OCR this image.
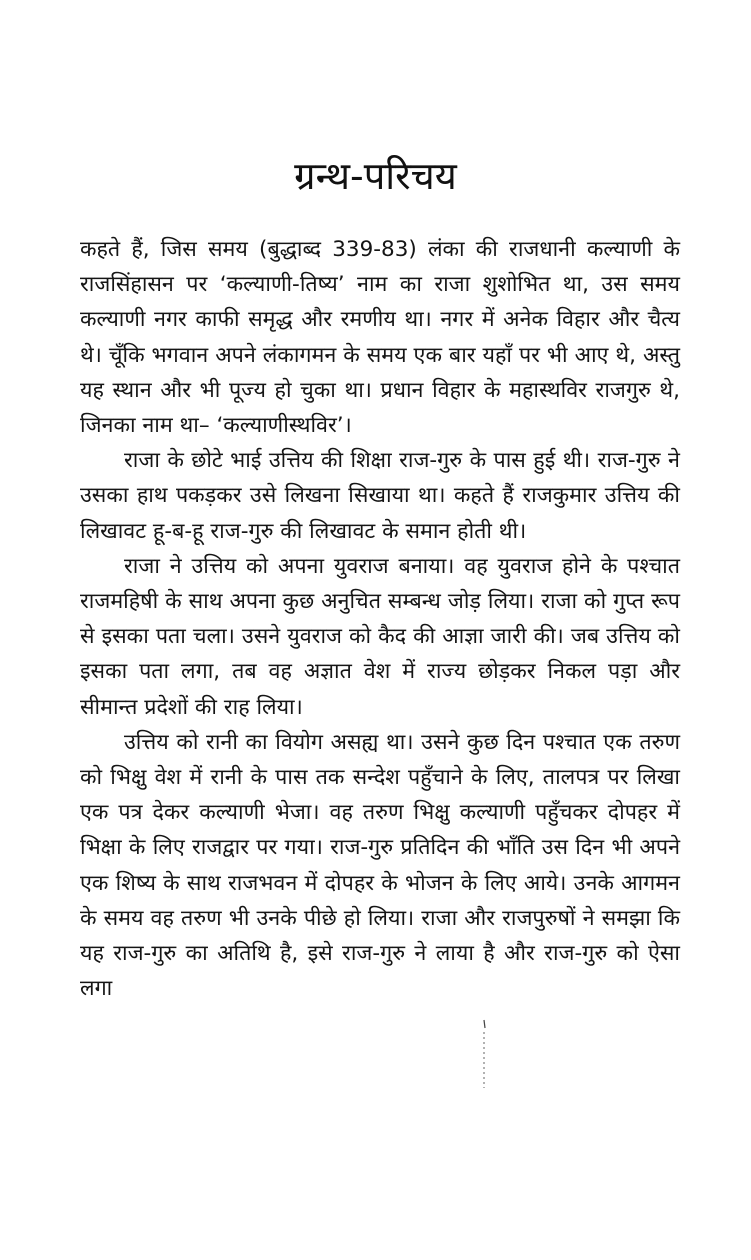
ग्रन्थ-परिचय

कहते हैं, जिस समय (बुद्धाब्द 339-83) लंका की राजधानी कल्याणी के राजसिंहासन पर ‘कल्याणी-तिष्य’ नाम का राजा शुशोभित था, उस समय कल्याणी नगर काफी समृद्ध और रमणीय था। नगर में अनेक विहार और चैत्य थे। चूँकि भगवान अपने लंकागमन के समय एक बार यहाँ पर भी आए थे, अस्तु यह स्थान और भी पूज्य हो चुका था। प्रधान विहार के महास्थविर राजगुरु थे, जिनका नाम था– ‘कल्याणीस्थविर’।

राजा के छोटे भाई उत्तिय की शिक्षा राज-गुरु के पास हुई थी। राज-गुरु ने उसका हाथ पकड़कर उसे लिखना सिखाया था। कहते हैं राजकुमार उत्तिय की लिखावट हू-ब-हू राज-गुरु की लिखावट के समान होती थी।

राजा ने उत्तिय को अपना युवराज बनाया। वह युवराज होने के पश्चात राजमहिषी के साथ अपना कुछ अनुचित सम्बन्ध जोड़ लिया। राजा को गुप्त रूप से इसका पता चला। उसने युवराज को कैद की आज्ञा जारी की। जब उत्तिय को इसका पता लगा, तब वह अज्ञात वेश में राज्य छोड़कर निकल पड़ा और सीमान्त प्रदेशों की राह लिया।

उत्तिय को रानी का वियोग असह्य था। उसने कुछ दिन पश्चात एक तरुण को भिक्षु वेश में रानी के पास तक सन्देश पहुँचाने के लिए, तालपत्र पर लिखा एक पत्र देकर कल्याणी भेजा। वह तरुण भिक्षु कल्याणी पहुँचकर दोपहर में भिक्षा के लिए राजद्वार पर गया। राज-गुरु प्रतिदिन की भाँति उस दिन भी अपने एक शिष्य के साथ राजभवन में दोपहर के भोजन के लिए आये। उनके आगमन के समय वह तरुण भी उनके पीछे हो लिया। राजा और राजपुरुषों ने समझा कि यह राज-गुरु का अतिथि है, इसे राज-गुरु ने लाया है और राज-गुरु को ऐसा लगा
